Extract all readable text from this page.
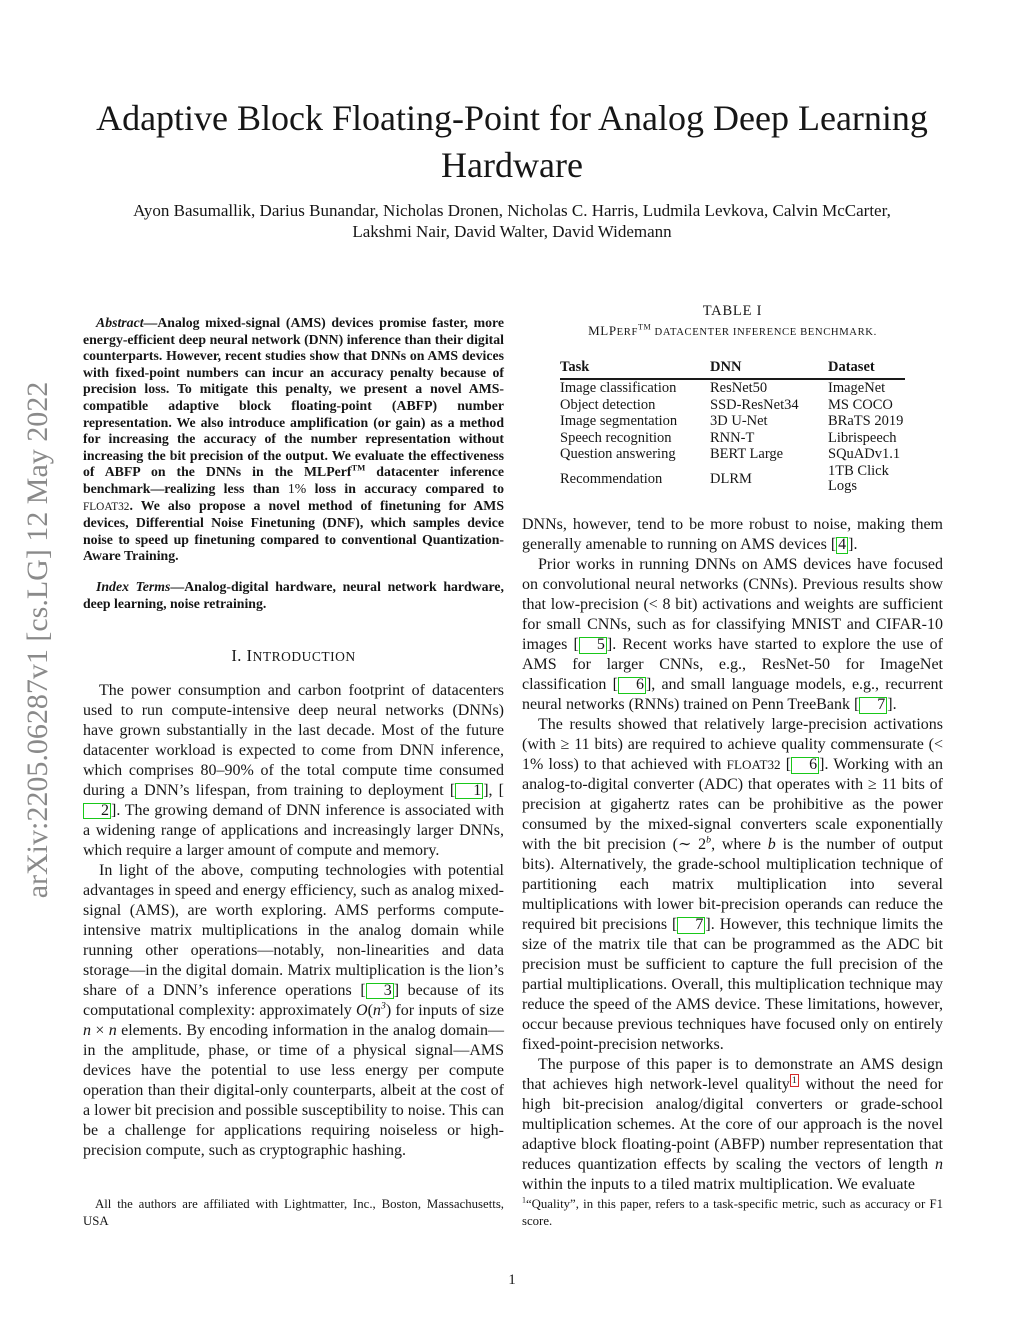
arXiv:2205.06287v1 [cs.LG] 12 May 2022
Adaptive Block Floating-Point for Analog Deep Learning Hardware
Ayon Basumallik, Darius Bunandar, Nicholas Dronen, Nicholas C. Harris, Ludmila Levkova, Calvin McCarter,
Lakshmi Nair, David Walter, David Widemann

Abstract—Analog mixed-signal (AMS) devices promise faster, more energy-efficient deep neural network (DNN) inference than their digital counterparts. However, recent studies show that DNNs on AMS devices with fixed-point numbers can incur an accuracy penalty because of precision loss. To mitigate this penalty, we present a novel AMS-compatible adaptive block floating-point (ABFP) number representation. We also introduce amplification (or gain) as a method for increasing the accuracy of the number representation without increasing the bit precision of the output. We evaluate the effectiveness of ABFP on the DNNs in the MLPerf™ datacenter inference benchmark—realizing less than 1% loss in accuracy compared to FLOAT32. We also propose a novel method of finetuning for AMS devices, Differential Noise Finetuning (DNF), which samples device noise to speed up finetuning compared to conventional Quantization-Aware Training.

Index Terms—Analog-digital hardware, neural network hardware, deep learning, noise retraining.

I. INTRODUCTION

The power consumption and carbon footprint of datacenters used to run compute-intensive deep neural networks (DNNs) have grown substantially in the last decade. Most of the future datacenter workload is expected to come from DNN inference, which comprises 80–90% of the total compute time consumed during a DNN’s lifespan, from training to deployment [ 1 ], [2 ]. The growing demand of DNN inference is associated with a widening range of applications and increasingly larger DNNs, which require a larger amount of compute and memory.

In light of the above, computing technologies with potential advantages in speed and energy efficiency, such as analog mixed-signal (AMS), are worth exploring. AMS performs compute-intensive matrix multiplications in the analog domain while running other operations—notably, non-linearities and data storage—in the digital domain. Matrix multiplication is the lion’s share of a DNN’s inference operations [ 3 ] because of its computational complexity: approximately $O(n^3)$ for inputs of size n × n elements. By encoding information in the analog domain—in the amplitude, phase, or time of a physical signal—AMS devices have the potential to use less energy per compute operation than their digital-only counterparts, albeit at the cost of a lower bit precision and possible susceptibility to noise. This can be a challenge for applications requiring noiseless or high-precision compute, such as cryptographic hashing.

TABLE I
MLPERF™ DATACENTER INFERENCE BENCHMARK.
Task	DNN	Dataset
Image classification	ResNet50	ImageNet
Object detection	SSD-ResNet34	MS COCO
Image segmentation	3D U-Net	BRaTS 2019
Speech recognition	RNN-T	Librispeech
Question answering	BERT Large	SQuADv1.1
Recommendation	DLRM	1TB Click Logs

DNNs, however, tend to be more robust to noise, making them generally amenable to running on AMS devices [ 4 ].

Prior works in running DNNs on AMS devices have focused on convolutional neural networks (CNNs). Previous results show that low-precision (< 8 bit) activations and weights are sufficient for small CNNs, such as for classifying MNIST and CIFAR-10 images [ 5 ]. Recent works have started to explore the use of AMS for larger CNNs, e.g., ResNet-50 for ImageNet classification [ 6 ], and small language models, e.g., recurrent neural networks (RNNs) trained on Penn TreeBank [ 7 ].

The results showed that relatively large-precision activations (with ≥ 11 bits) are required to achieve quality commensurate (< 1% loss) to that achieved with FLOAT32 [ 6 ]. Working with an analog-to-digital converter (ADC) that operates with ≥ 11 bits of precision at gigahertz rates can be prohibitive as the power consumed by the mixed-signal converters scale exponentially with the bit precision (∼ 2$^b$, where b is the number of output bits). Alternatively, the grade-school multiplication technique of partitioning each matrix multiplication into several multiplications with lower bit-precision operands can reduce the required bit precisions [ 7 ]. However, this technique limits the size of the matrix tile that can be programmed as the ADC bit precision must be sufficient to capture the full precision of the partial multiplications. Overall, this multiplication technique may reduce the speed of the AMS device. These limitations, however, occur because previous techniques have focused only on entirely fixed-point-precision networks.

The purpose of this paper is to demonstrate an AMS design that achieves high network-level quality $^1$ without the need for high bit-precision analog/digital converters or grade-school multiplication schemes. At the core of our approach is the novel adaptive block floating-point (ABFP) number representation that reduces quantization effects by scaling the vectors of length n within the inputs to a tiled matrix multiplication. We evaluate

All the authors are affiliated with Lightmatter, Inc., Boston, Massachusetts, USA

$^1$“Quality”, in this paper, refers to a task-specific metric, such as accuracy or F1 score.

1
